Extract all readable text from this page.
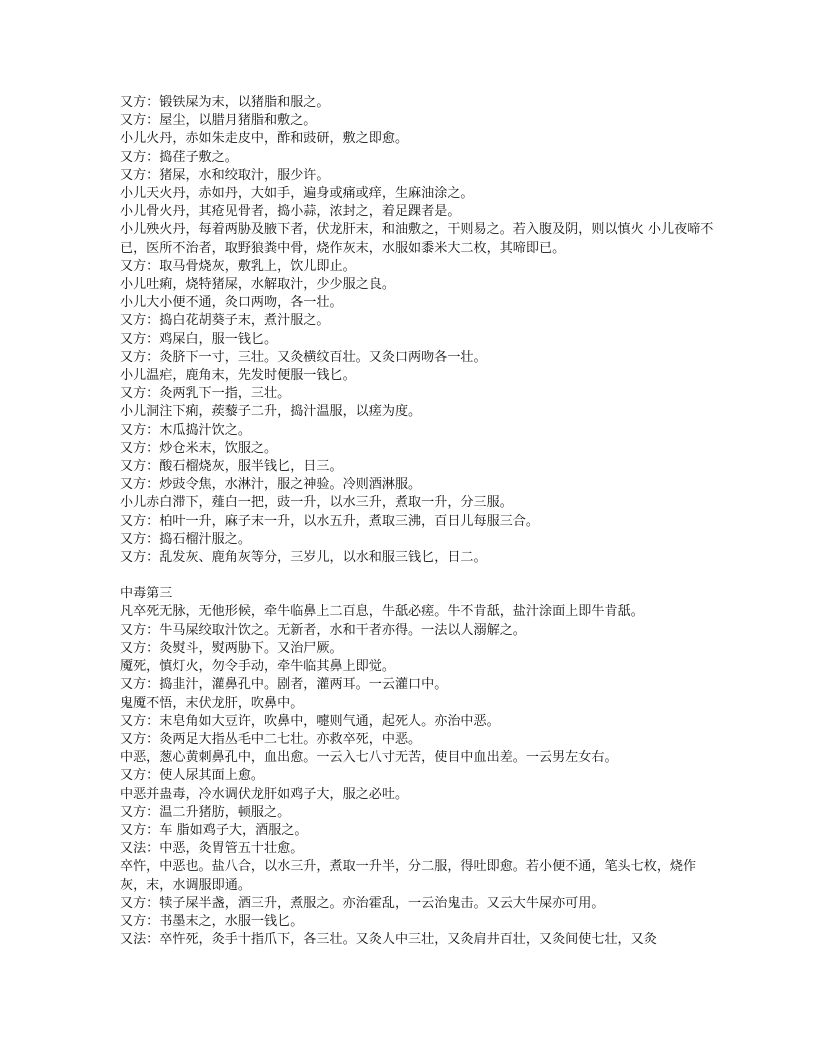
又方：锻铁屎为末，以猪脂和服之。

又方：屋尘，以腊月猪脂和敷之。

小儿火丹，赤如朱走皮中，酢和豉研，敷之即愈。

又方：捣荏子敷之。

又方：猪屎，水和绞取汁，服少许。

小儿天火丹，赤如丹，大如手，遍身或痛或痒，生麻油涂之。

小儿骨火丹，其疮见骨者，捣小蒜，浓封之，着足踝者是。

小儿殃火丹，每着两胁及腋下者，伏龙肝末，和油敷之，干则易之。若入腹及阴，则以慎火 小儿夜啼不已，医所不治者，取野狼粪中骨，烧作灰末，水服如黍米大二枚，其啼即已。

又方：取马骨烧灰，敷乳上，饮儿即止。

小儿吐痢，烧特猪屎，水解取汁，少少服之良。

小儿大小便不通，灸口两吻，各一壮。

又方：捣白花胡葵子末，煮汁服之。

又方：鸡屎白，服一钱匕。

又方：灸脐下一寸，三壮。又灸横纹百壮。又灸口两吻各一壮。

小儿温疟，鹿角末，先发时便服一钱匕。

又方：灸两乳下一指，三壮。

小儿洞注下痢，蒺藜子二升，捣汁温服，以瘥为度。

又方：木瓜捣汁饮之。

又方：炒仓米末，饮服之。

又方：酸石榴烧灰，服半钱匕，日三。

又方：炒豉令焦，水淋汁，服之神验。冷则酒淋服。

小儿赤白滞下，薤白一把，豉一升，以水三升，煮取一升，分三服。

又方：柏叶一升，麻子末一升，以水五升，煮取三沸，百日儿每服三合。

又方：捣石榴汁服之。

又方：乱发灰、鹿角灰等分，三岁儿，以水和服三钱匕，日二。

中毒第三

凡卒死无脉，无他形候，牵牛临鼻上二百息，牛舐必瘥。牛不肯舐，盐汁涂面上即牛肯舐。

又方：牛马屎绞取汁饮之。无新者，水和干者亦得。一法以人溺解之。

又方：灸熨斗，熨两胁下。又治尸厥。

魇死，慎灯火，勿令手动，牵牛临其鼻上即觉。

又方：捣韭汁，灌鼻孔中。剧者，灌两耳。一云灌口中。

鬼魇不悟，末伏龙肝，吹鼻中。

又方：末皂角如大豆许，吹鼻中，嚏则气通，起死人。亦治中恶。

又方：灸两足大指丛毛中二七壮。亦救卒死，中恶。

中恶，葱心黄刺鼻孔中，血出愈。一云入七八寸无苦，使目中血出差。一云男左女右。

又方：使人尿其面上愈。

中恶并蛊毒，冷水调伏龙肝如鸡子大，服之必吐。

又方：温二升猪肪，顿服之。

又方：车 脂如鸡子大，酒服之。

又法：中恶，灸胃管五十壮愈。

卒忤，中恶也。盐八合，以水三升，煮取一升半，分二服，得吐即愈。若小便不通，笔头七枚，烧作灰，末，水调服即通。

又方：犊子屎半盏，酒三升，煮服之。亦治霍乱，一云治鬼击。又云大牛屎亦可用。

又方：书墨末之，水服一钱匕。

又法：卒忤死，灸手十指爪下，各三壮。又灸人中三壮，又灸肩井百壮，又灸间使七壮，又灸
